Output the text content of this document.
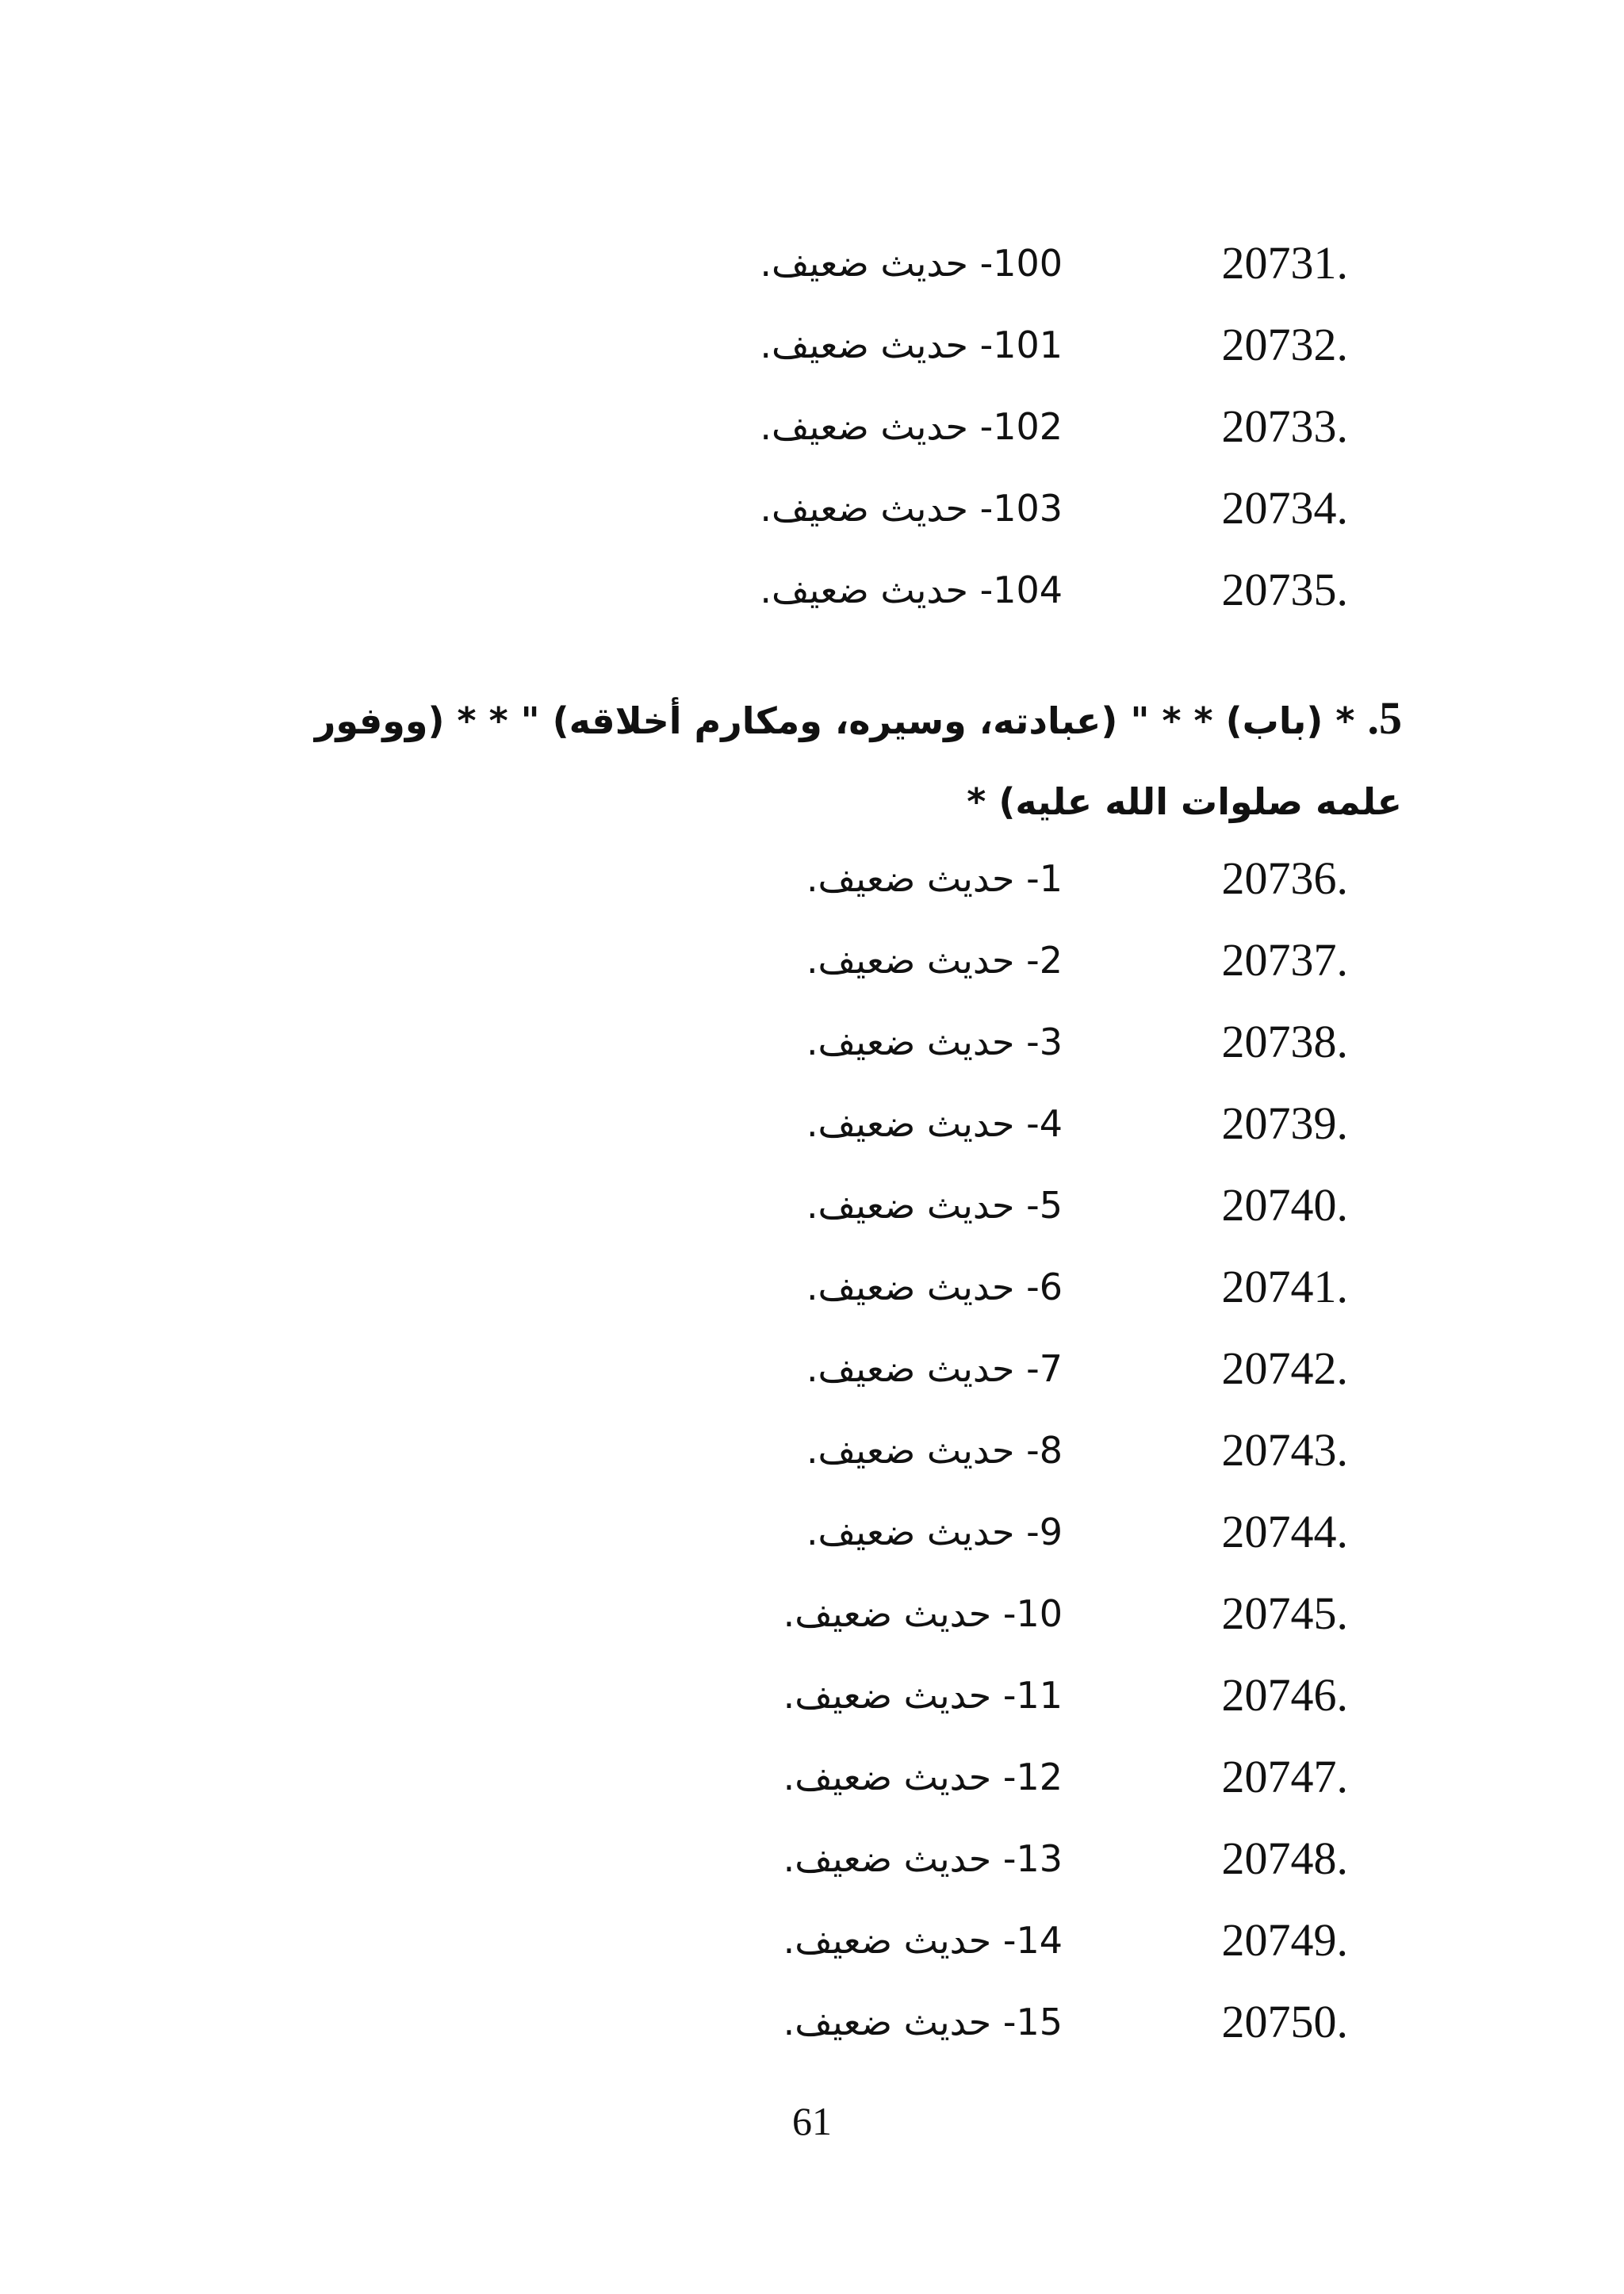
.20731
100- حديث ضعيف.
.20732
101- حديث ضعيف.
.20733
102- حديث ضعيف.
.20734
103- حديث ضعيف.
.20735
104- حديث ضعيف.
5. * (باب) * * " (عبادته، وسيره، ومكارم أخلاقه) " * * (ووفور علمه صلوات الله عليه) *
.20736
1- حديث ضعيف.
.20737
2- حديث ضعيف.
.20738
3- حديث ضعيف.
.20739
4- حديث ضعيف.
.20740
5- حديث ضعيف.
.20741
6- حديث ضعيف.
.20742
7- حديث ضعيف.
.20743
8- حديث ضعيف.
.20744
9- حديث ضعيف.
.20745
10- حديث ضعيف.
.20746
11- حديث ضعيف.
.20747
12- حديث ضعيف.
.20748
13- حديث ضعيف.
.20749
14- حديث ضعيف.
.20750
15- حديث ضعيف.
61
